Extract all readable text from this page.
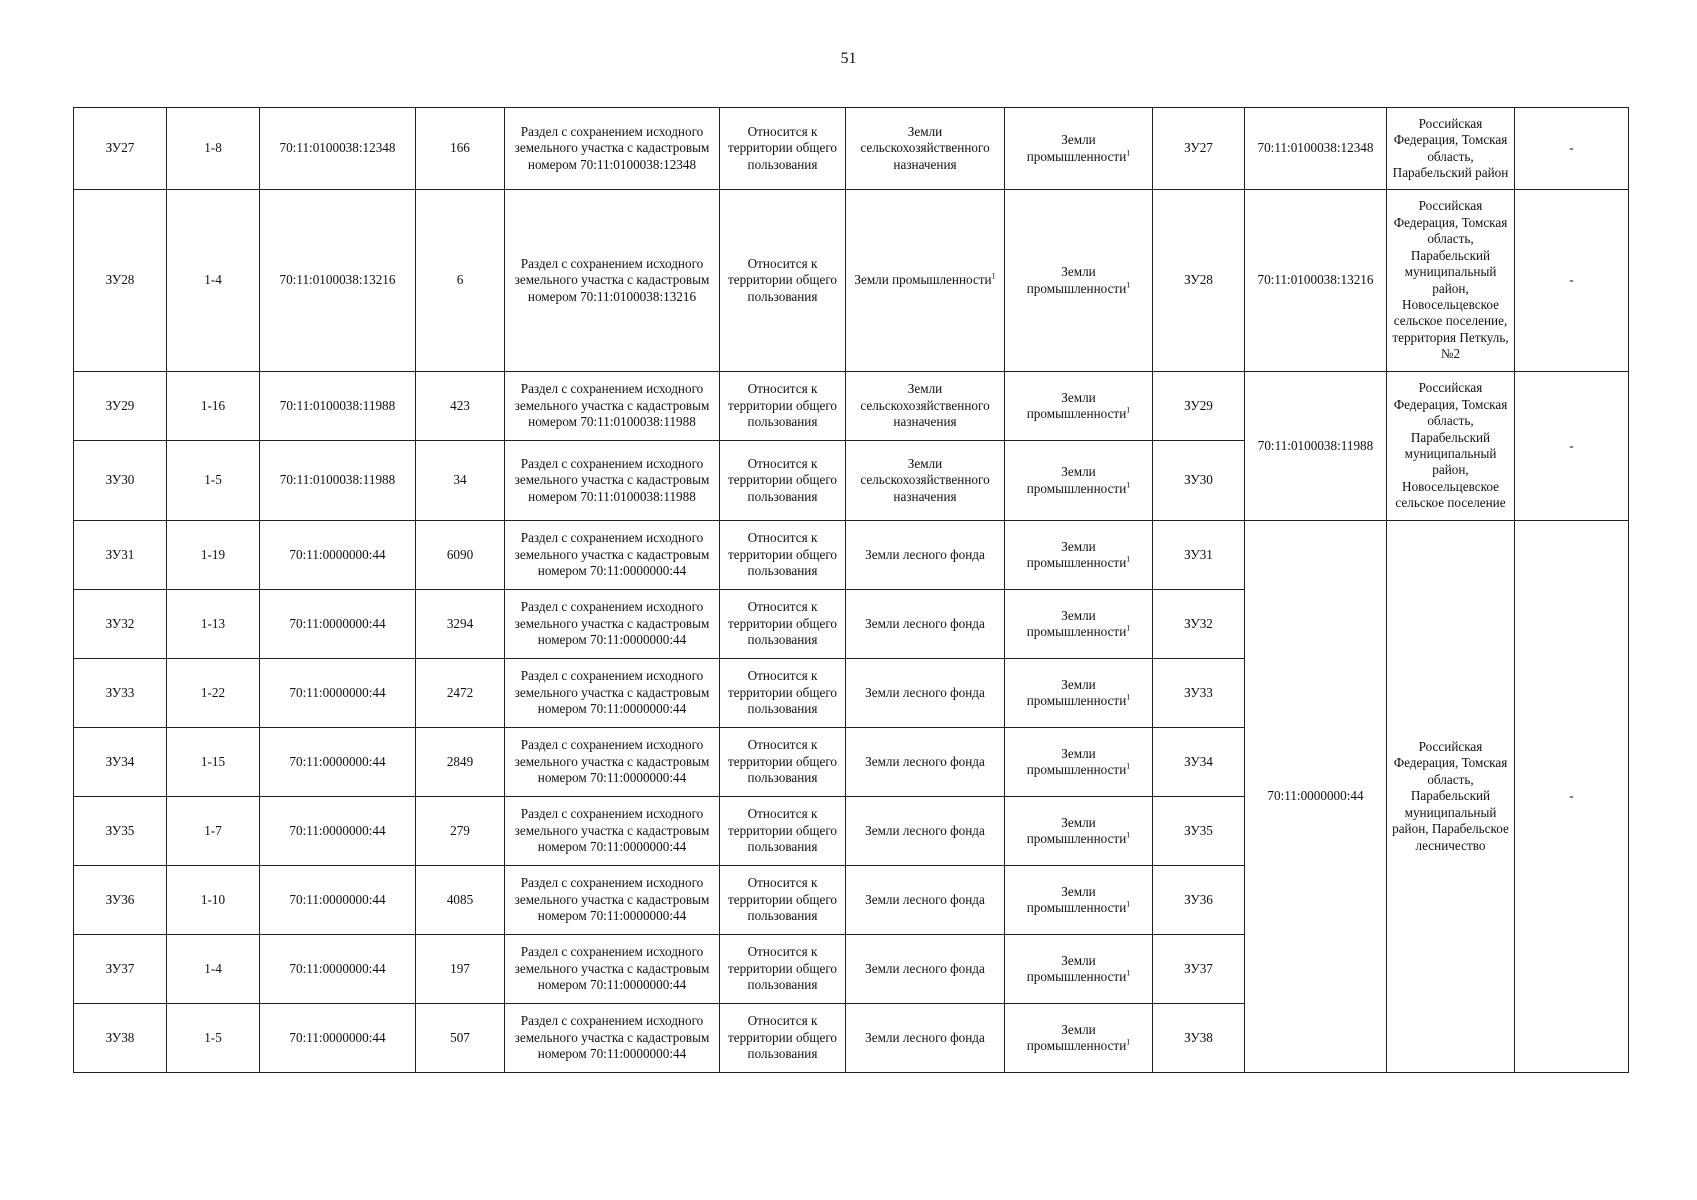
51
ЗУ27	1-8	70:11:0100038:12348	166	Раздел с сохранением исходного земельного участка с кадастровым номером 70:11:0100038:12348	Относится к территории общего пользования	Земли сельскохозяйственного назначения	Земли промышленности$^1$	ЗУ27	70:11:0100038:12348	Российская Федерация, Томская область, Парабельский район	-
ЗУ28	1-4	70:11:0100038:13216	6	Раздел с сохранением исходного земельного участка с кадастровым номером 70:11:0100038:13216	Относится к территории общего пользования	Земли промышленности$^1$	Земли промышленности$^1$	ЗУ28	70:11:0100038:13216	Российская Федерация, Томская область, Парабельский муниципальный район, Новосельцевское сельское поселение, территория Петкуль, №2	-
ЗУ29	1-16	70:11:0100038:11988	423	Раздел с сохранением исходного земельного участка с кадастровым номером 70:11:0100038:11988	Относится к территории общего пользования	Земли сельскохозяйственного назначения	Земли промышленности$^1$	ЗУ29	70:11:0100038:11988	Российская Федерация, Томская область, Парабельский муниципальный район, Новосельцевское сельское поселение	-
ЗУ30	1-5	70:11:0100038:11988	34	Раздел с сохранением исходного земельного участка с кадастровым номером 70:11:0100038:11988	Относится к территории общего пользования	Земли сельскохозяйственного назначения	Земли промышленности$^1$	ЗУ30			
ЗУ31	1-19	70:11:0000000:44	6090	Раздел с сохранением исходного земельного участка с кадастровым номером 70:11:0000000:44	Относится к территории общего пользования	Земли лесного фонда	Земли промышленности$^1$	ЗУ31	70:11:0000000:44	Российская Федерация, Томская область, Парабельский муниципальный район, Парабельское лесничество	-
ЗУ32	1-13	70:11:0000000:44	3294	Раздел с сохранением исходного земельного участка с кадастровым номером 70:11:0000000:44	Относится к территории общего пользования	Земли лесного фонда	Земли промышленности$^1$	ЗУ32			
ЗУ33	1-22	70:11:0000000:44	2472	Раздел с сохранением исходного земельного участка с кадастровым номером 70:11:0000000:44	Относится к территории общего пользования	Земли лесного фонда	Земли промышленности$^1$	ЗУ33			
ЗУ34	1-15	70:11:0000000:44	2849	Раздел с сохранением исходного земельного участка с кадастровым номером 70:11:0000000:44	Относится к территории общего пользования	Земли лесного фонда	Земли промышленности$^1$	ЗУ34			
ЗУ35	1-7	70:11:0000000:44	279	Раздел с сохранением исходного земельного участка с кадастровым номером 70:11:0000000:44	Относится к территории общего пользования	Земли лесного фонда	Земли промышленности$^1$	ЗУ35			
ЗУ36	1-10	70:11:0000000:44	4085	Раздел с сохранением исходного земельного участка с кадастровым номером 70:11:0000000:44	Относится к территории общего пользования	Земли лесного фонда	Земли промышленности$^1$	ЗУ36			
ЗУ37	1-4	70:11:0000000:44	197	Раздел с сохранением исходного земельного участка с кадастровым номером 70:11:0000000:44	Относится к территории общего пользования	Земли лесного фонда	Земли промышленности$^1$	ЗУ37			
ЗУ38	1-5	70:11:0000000:44	507	Раздел с сохранением исходного земельного участка с кадастровым номером 70:11:0000000:44	Относится к территории общего пользования	Земли лесного фонда	Земли промышленности$^1$	ЗУ38			
